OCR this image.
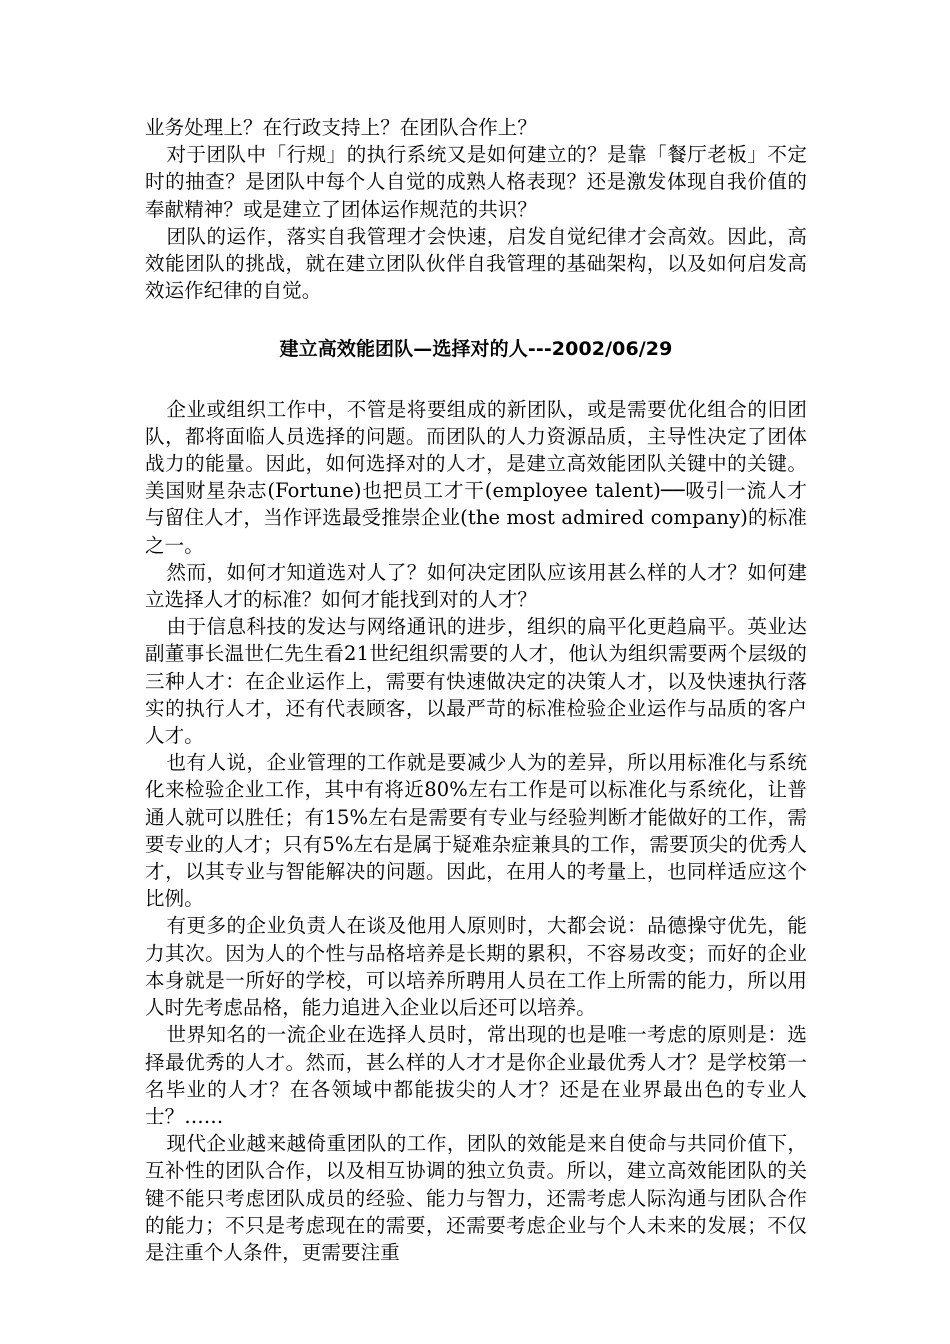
业务处理上？在行政支持上？在团队合作上？

对于团队中「行规」的执行系统又是如何建立的？是靠「餐厅老板」不定时的抽查？是团队中每个人自觉的成熟人格表现？还是激发体现自我价值的奉献精神？或是建立了团体运作规范的共识？

团队的运作，落实自我管理才会快速，启发自觉纪律才会高效。因此，高效能团队的挑战，就在建立团队伙伴自我管理的基础架构，以及如何启发高效运作纪律的自觉。

建立高效能团队—选择对的人---2002/06/29

企业或组织工作中，不管是将要组成的新团队，或是需要优化组合的旧团队，都将面临人员选择的问题。而团队的人力资源品质，主导性决定了团体战力的能量。因此，如何选择对的人才，是建立高效能团队关键中的关键。美国财星杂志(Fortune)也把员工才干(employee talent)──吸引一流人才与留住人才，当作评选最受推崇企业(the most admired company)的标准之一。

然而，如何才知道选对人了？如何决定团队应该用甚么样的人才？如何建立选择人才的标准？如何才能找到对的人才？

由于信息科技的发达与网络通讯的进步，组织的扁平化更趋扁平。英业达副董事长温世仁先生看21世纪组织需要的人才，他认为组织需要两个层级的三种人才：在企业运作上，需要有快速做决定的决策人才，以及快速执行落实的执行人才，还有代表顾客，以最严苛的标准检验企业运作与品质的客户人才。

也有人说，企业管理的工作就是要减少人为的差异，所以用标准化与系统化来检验企业工作，其中有将近80%左右工作是可以标准化与系统化，让普通人就可以胜任；有15%左右是需要有专业与经验判断才能做好的工作，需要专业的人才；只有5%左右是属于疑难杂症兼具的工作，需要顶尖的优秀人才，以其专业与智能解决的问题。因此，在用人的考量上，也同样适应这个比例。

有更多的企业负责人在谈及他用人原则时，大都会说：品德操守优先，能力其次。因为人的个性与品格培养是长期的累积，不容易改变；而好的企业本身就是一所好的学校，可以培养所聘用人员在工作上所需的能力，所以用人时先考虑品格，能力追进入企业以后还可以培养。

世界知名的一流企业在选择人员时，常出现的也是唯一考虑的原则是：选择最优秀的人才。然而，甚么样的人才才是你企业最优秀人才？是学校第一名毕业的人才？在各领域中都能拔尖的人才？还是在业界最出色的专业人士？……

现代企业越来越倚重团队的工作，团队的效能是来自使命与共同价值下，互补性的团队合作，以及相互协调的独立负责。所以，建立高效能团队的关键不能只考虑团队成员的经验、能力与智力，还需考虑人际沟通与团队合作的能力；不只是考虑现在的需要，还需要考虑企业与个人未来的发展；不仅是注重个人条件，更需要注重
